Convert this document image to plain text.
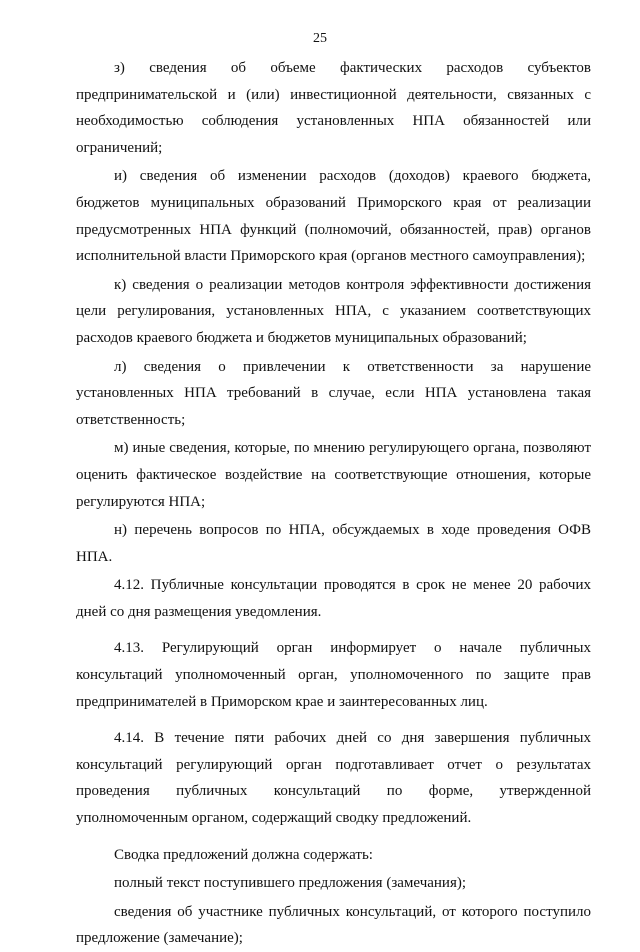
25

з) сведения об объеме фактических расходов субъектов предпринимательской и (или) инвестиционной деятельности, связанных с необходимостью соблюдения установленных НПА обязанностей или ограничений;

и) сведения об изменении расходов (доходов) краевого бюджета, бюджетов муниципальных образований Приморского края от реализации предусмотренных НПА функций (полномочий, обязанностей, прав) органов исполнительной власти Приморского края (органов местного самоуправления);

к) сведения о реализации методов контроля эффективности достижения цели регулирования, установленных НПА, с указанием соответствующих расходов краевого бюджета и бюджетов муниципальных образований;

л) сведения о привлечении к ответственности за нарушение установленных НПА требований в случае, если НПА установлена такая ответственность;

м) иные сведения, которые, по мнению регулирующего органа, позволяют оценить фактическое воздействие на соответствующие отношения, которые регулируются НПА;

н) перечень вопросов по НПА, обсуждаемых в ходе проведения ОФВ НПА.

4.12. Публичные консультации проводятся в срок не менее 20 рабочих дней со дня размещения уведомления.

4.13. Регулирующий орган информирует о начале публичных консультаций уполномоченный орган, уполномоченного по защите прав предпринимателей в Приморском крае и заинтересованных лиц.

4.14. В течение пяти рабочих дней со дня завершения публичных консультаций регулирующий орган подготавливает отчет о результатах проведения публичных консультаций по форме, утвержденной уполномоченным органом, содержащий сводку предложений.

Сводка предложений должна содержать:

полный текст поступившего предложения (замечания);

сведения об участнике публичных консультаций, от которого поступило предложение (замечание);
